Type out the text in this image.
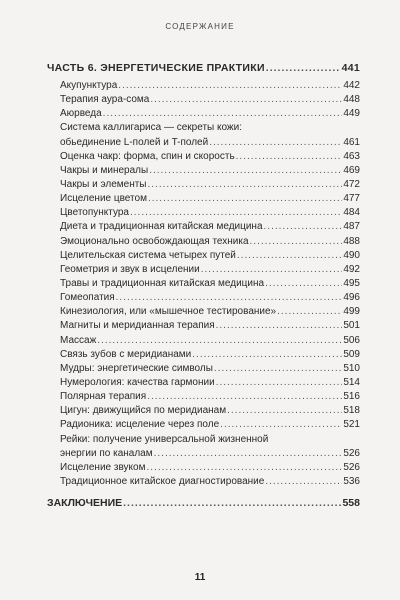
СОДЕРЖАНИЕ
ЧАСТЬ 6. ЭНЕРГЕТИЧЕСКИЕ ПРАКТИКИ .....	441
Акупунктура .....	442
Терапия аура-сома .....	448
Аюрведа .....	449
Система каллигариса — секреты кожи:
обьединение L-полей и T-полей .....	461
Оценка чакр: форма, спин и скорость .....	463
Чакры и минералы .....	469
Чакры и элементы .....	472
Исцеление цветом .....	477
Цветопунктура .....	484
Диета и традиционная китайская медицина .....	487
Эмоционально освобождающая техника .....	488
Целительская система четырех путей .....	490
Геометрия и звук в исцелении .....	492
Травы и традиционная китайская медицина .....	495
Гомеопатия .....	496
Кинезиология, или «мышечное тестирование» .....	499
Магниты и меридианная терапия .....	501
Массаж .....	506
Связь зубов с меридианами .....	509
Мудры: энергетические символы .....	510
Нумерология: качества гармонии .....	514
Полярная терапия .....	516
Цигун: движущийся по меридианам .....	518
Радионика: исцеление через поле .....	521
Рейки: получение универсальной жизненной
энергии по каналам .....	526
Исцеление звуком .....	526
Традиционное китайское диагностирование .....	536
ЗАКЛЮЧЕНИЕ .....	558
11
